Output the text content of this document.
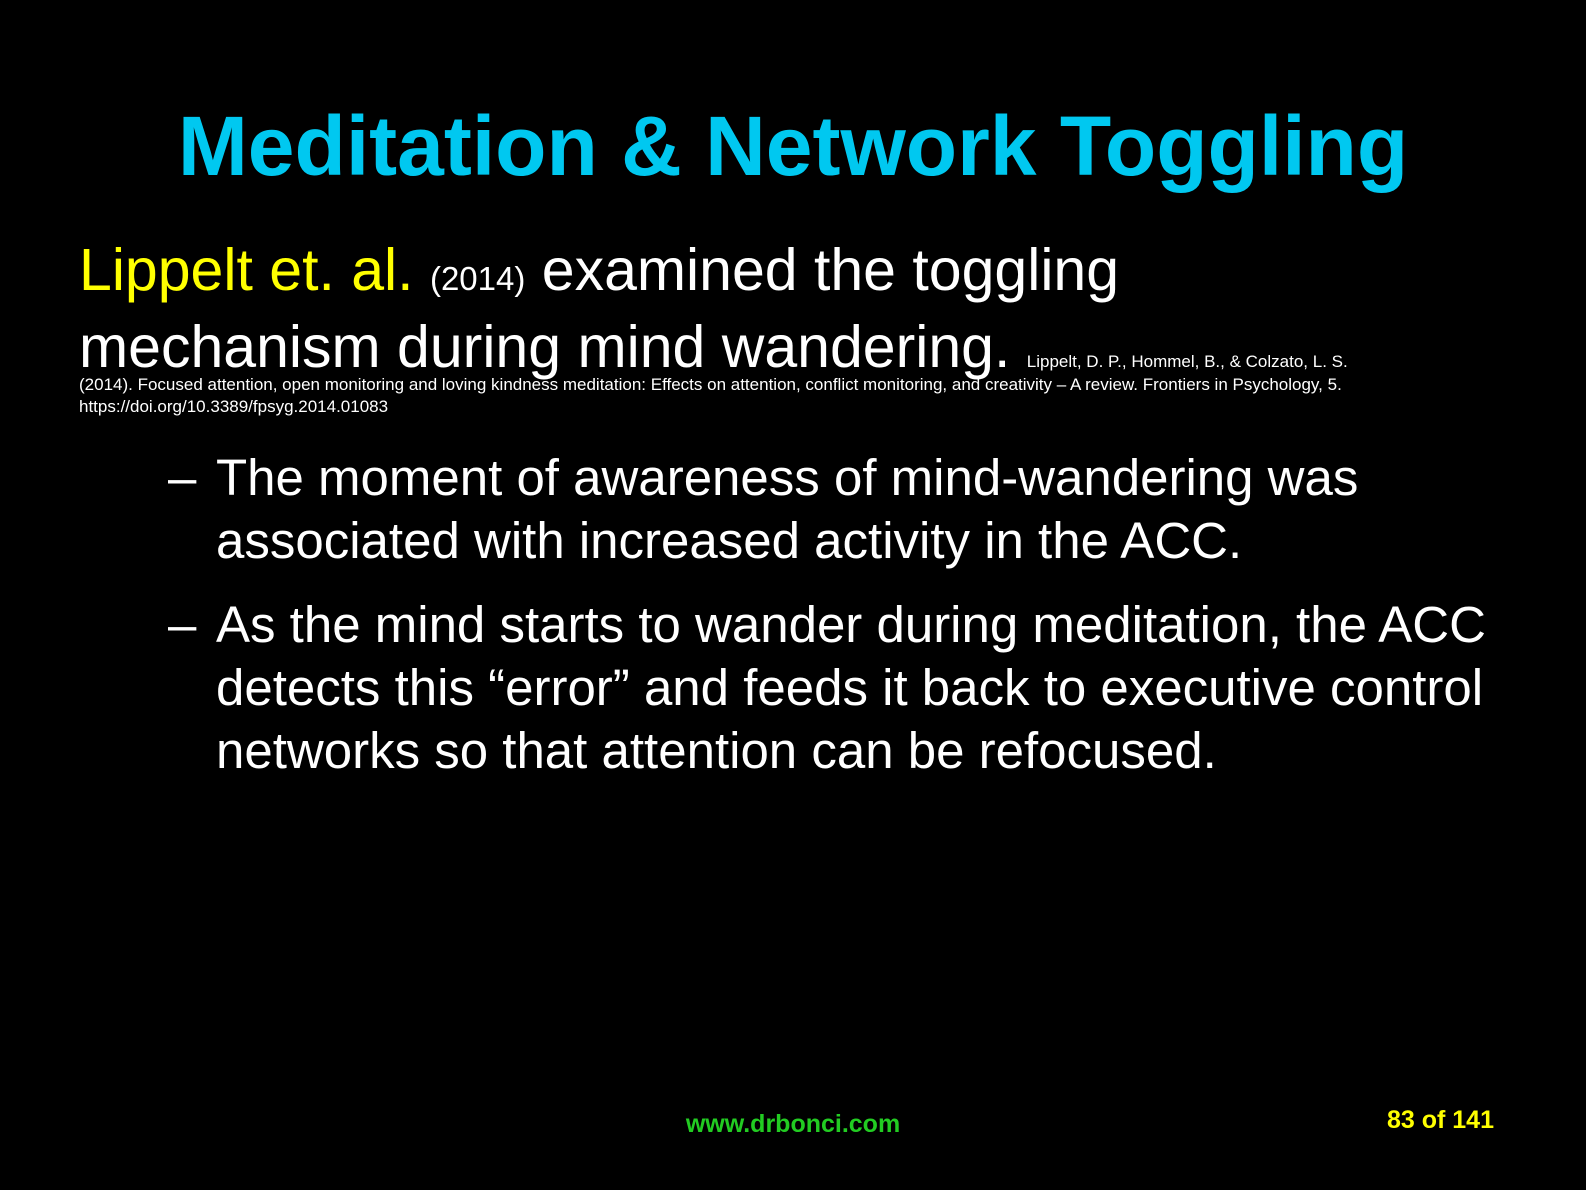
Meditation & Network Toggling
Lippelt et. al. (2014) examined the toggling
mechanism during mind wandering. Lippelt, D. P., Hommel, B., & Colzato, L. S.
(2014). Focused attention, open monitoring and loving kindness meditation: Effects on attention, conflict monitoring, and creativity – A review. Frontiers in Psychology, 5. https://doi.org/10.3389/fpsyg.2014.01083
– The moment of awareness of mind-wandering was associated with increased activity in the ACC.
– As the mind starts to wander during meditation, the ACC detects this “error” and feeds it back to executive control networks so that attention can be refocused.
www.drbonci.com	83 of 141
